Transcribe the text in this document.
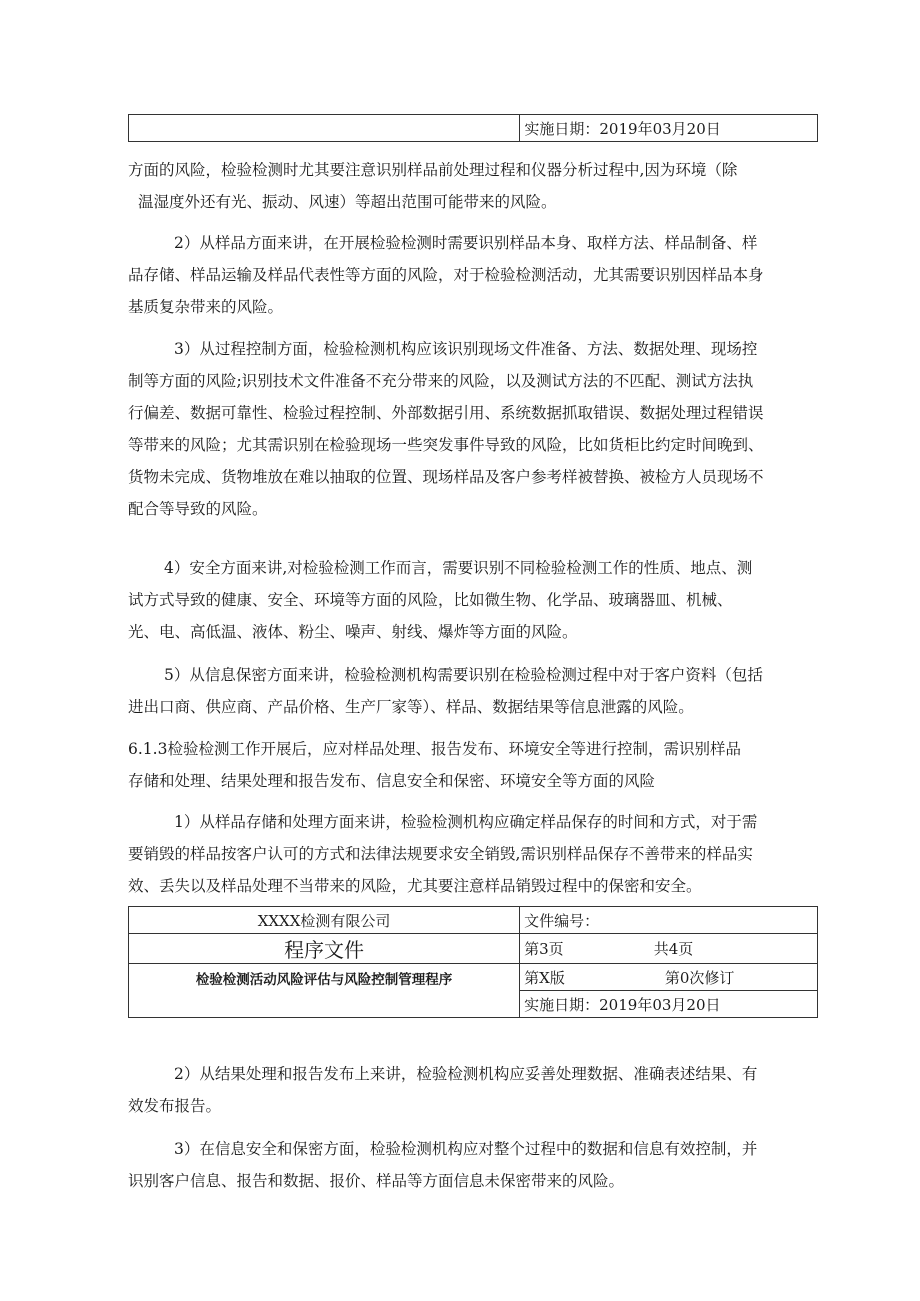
	实施日期：2019年03月20日
方面的风险，检验检测时尤其要注意识别样品前处理过程和仪器分析过程中,因为环境（除
温湿度外还有光、振动、风速）等超出范围可能带来的风险。
2）从样品方面来讲，在开展检验检测时需要识别样品本身、取样方法、样品制备、样
品存储、样品运输及样品代表性等方面的风险，对于检验检测活动，尤其需要识别因样品本身
基质复杂带来的风险。
3）从过程控制方面，检验检测机构应该识别现场文件准备、方法、数据处理、现场控
制等方面的风险;识别技术文件准备不充分带来的风险，以及测试方法的不匹配、测试方法执
行偏差、数据可靠性、检验过程控制、外部数据引用、系统数据抓取错误、数据处理过程错误
等带来的风险；尤其需识别在检验现场一些突发事件导致的风险，比如货柜比约定时间晚到、
货物未完成、货物堆放在难以抽取的位置、现场样品及客户参考样被替换、被检方人员现场不
配合等导致的风险。
4）安全方面来讲,对检验检测工作而言，需要识别不同检验检测工作的性质、地点、测
试方式导致的健康、安全、环境等方面的风险，比如微生物、化学品、玻璃器皿、机械、
光、电、高低温、液体、粉尘、噪声、射线、爆炸等方面的风险。
5）从信息保密方面来讲，检验检测机构需要识别在检验检测过程中对于客户资料（包括
进出口商、供应商、产品价格、生产厂家等）、样品、数据结果等信息泄露的风险。
6.1.3检验检测工作开展后，应对样品处理、报告发布、环境安全等进行控制，需识别样品
存储和处理、结果处理和报告发布、信息安全和保密、环境安全等方面的风险
1）从样品存储和处理方面来讲，检验检测机构应确定样品保存的时间和方式，对于需
要销毁的样品按客户认可的方式和法律法规要求安全销毁,需识别样品保存不善带来的样品实
效、丢失以及样品处理不当带来的风险，尤其要注意样品销毁过程中的保密和安全。
XXXX检测有限公司	文件编号：
程序文件	第3页 共4页
检验检测活动风险评估与风险控制管理程序	第X版 第0次修订
	实施日期：2019年03月20日
2）从结果处理和报告发布上来讲，检验检测机构应妥善处理数据、准确表述结果、有
效发布报告。
3）在信息安全和保密方面，检验检测机构应对整个过程中的数据和信息有效控制，并
识别客户信息、报告和数据、报价、样品等方面信息未保密带来的风险。
